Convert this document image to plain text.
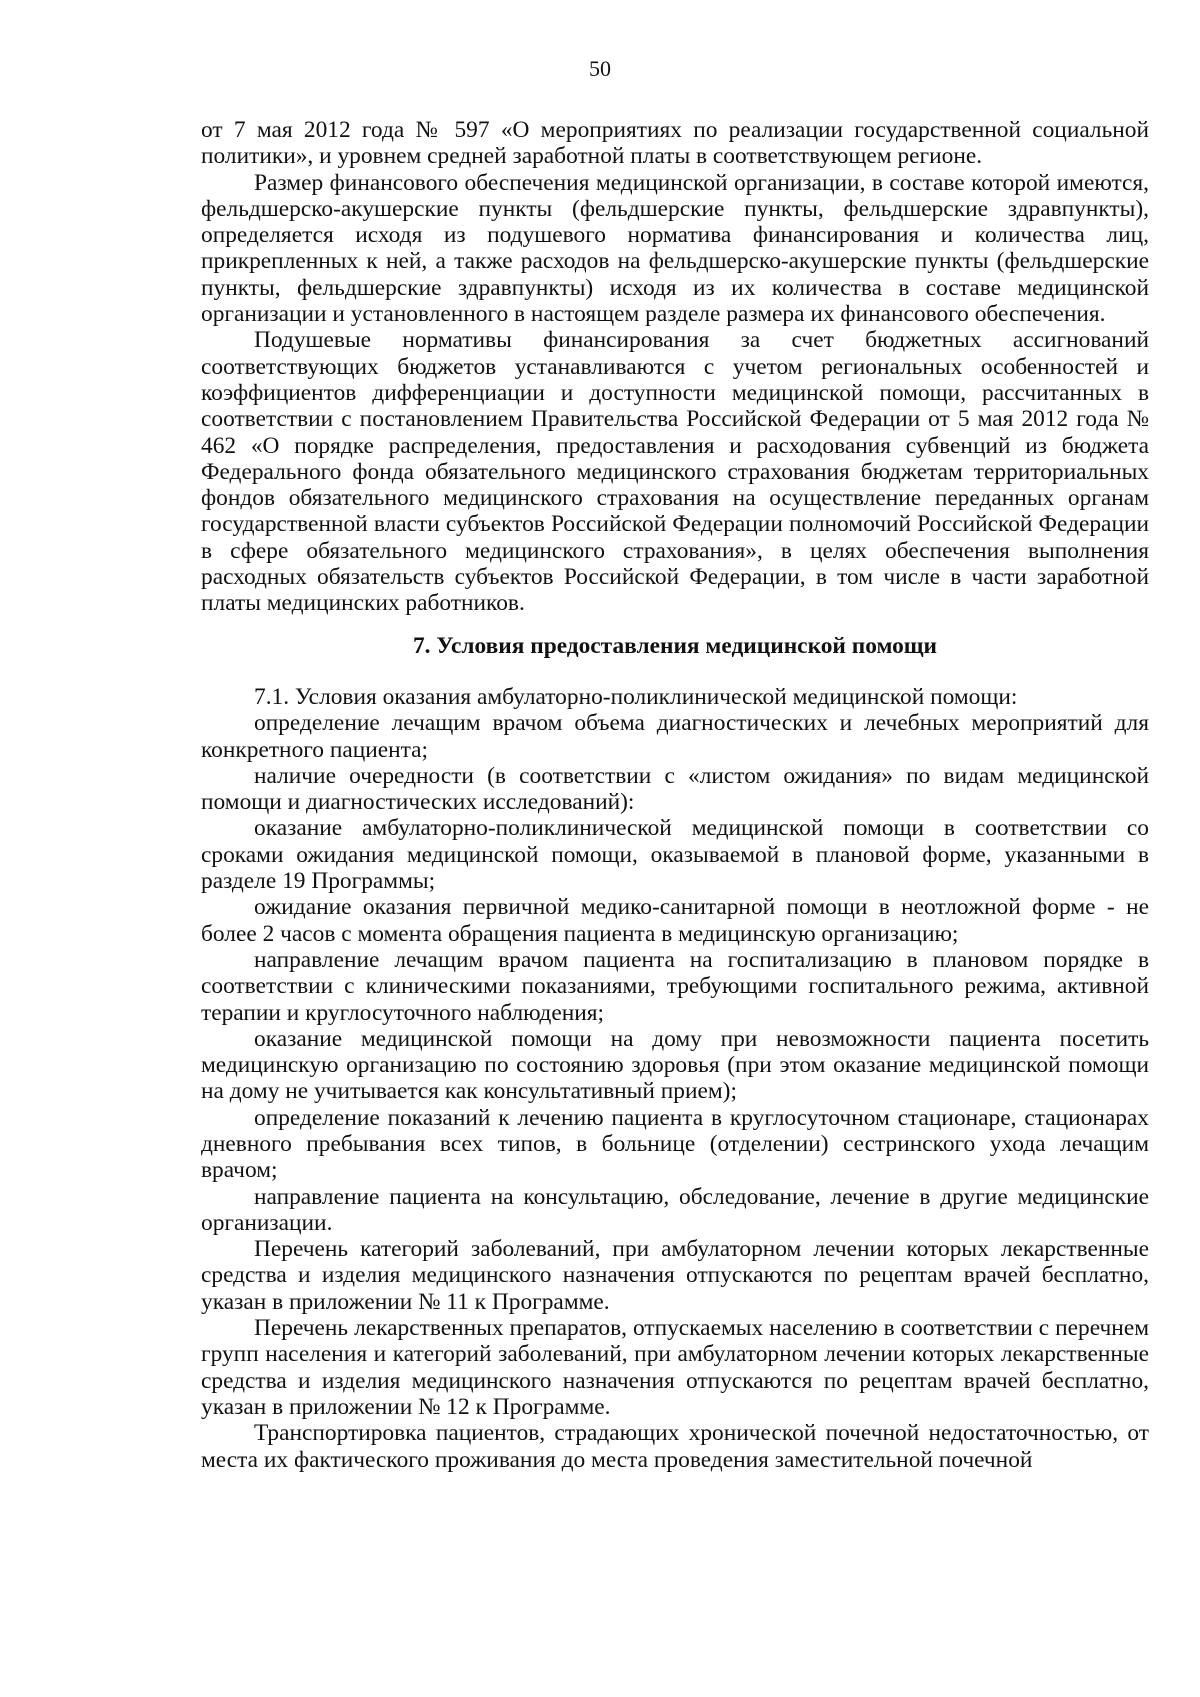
50

от 7 мая 2012 года № 597 «О мероприятиях по реализации государственной социальной политики», и уровнем средней заработной платы в соответствующем регионе.

Размер финансового обеспечения медицинской организации, в составе которой имеются, фельдшерско-акушерские пункты (фельдшерские пункты, фельдшерские здравпункты), определяется исходя из подушевого норматива финансирования и количества лиц, прикрепленных к ней, а также расходов на фельдшерско-акушерские пункты (фельдшерские пункты, фельдшерские здравпункты) исходя из их количества в составе медицинской организации и установленного в настоящем разделе размера их финансового обеспечения.

Подушевые нормативы финансирования за счет бюджетных ассигнований соответствующих бюджетов устанавливаются с учетом региональных особенностей и коэффициентов дифференциации и доступности медицинской помощи, рассчитанных в соответствии с постановлением Правительства Российской Федерации от 5 мая 2012 года № 462 «О порядке распределения, предоставления и расходования субвенций из бюджета Федерального фонда обязательного медицинского страхования бюджетам территориальных фондов обязательного медицинского страхования на осуществление переданных органам государственной власти субъектов Российской Федерации полномочий Российской Федерации в сфере обязательного медицинского страхования», в целях обеспечения выполнения расходных обязательств субъектов Российской Федерации, в том числе в части заработной платы медицинских работников.

7. Условия предоставления медицинской помощи

7.1. Условия оказания амбулаторно-поликлинической медицинской помощи:

определение лечащим врачом объема диагностических и лечебных мероприятий для конкретного пациента;

наличие очередности (в соответствии с «листом ожидания» по видам медицинской помощи и диагностических исследований):

оказание амбулаторно-поликлинической медицинской помощи в соответствии со сроками ожидания медицинской помощи, оказываемой в плановой форме, указанными в разделе 19 Программы;

ожидание оказания первичной медико-санитарной помощи в неотложной форме - не более 2 часов с момента обращения пациента в медицинскую организацию;

направление лечащим врачом пациента на госпитализацию в плановом порядке в соответствии с клиническими показаниями, требующими госпитального режима, активной терапии и круглосуточного наблюдения;

оказание медицинской помощи на дому при невозможности пациента посетить медицинскую организацию по состоянию здоровья (при этом оказание медицинской помощи на дому не учитывается как консультативный прием);

определение показаний к лечению пациента в круглосуточном стационаре, стационарах дневного пребывания всех типов, в больнице (отделении) сестринского ухода лечащим врачом;

направление пациента на консультацию, обследование, лечение в другие медицинские организации.

Перечень категорий заболеваний, при амбулаторном лечении которых лекарственные средства и изделия медицинского назначения отпускаются по рецептам врачей бесплатно, указан в приложении № 11 к Программе.

Перечень лекарственных препаратов, отпускаемых населению в соответствии с перечнем групп населения и категорий заболеваний, при амбулаторном лечении которых лекарственные средства и изделия медицинского назначения отпускаются по рецептам врачей бесплатно, указан в приложении № 12 к Программе.

Транспортировка пациентов, страдающих хронической почечной недостаточностью, от места их фактического проживания до места проведения заместительной почечной
